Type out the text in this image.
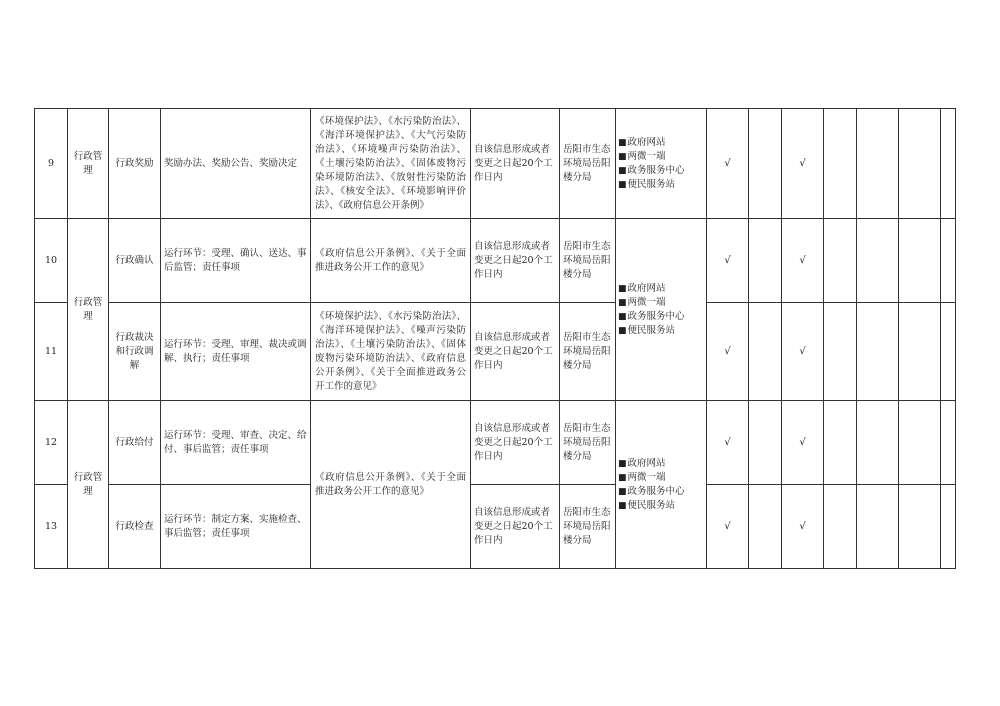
9	行政管理	行政奖励	奖励办法、奖励公告、奖励决定	《环境保护法》、《水污染防治法》、《海洋环境保护法》、《大气污染防治法》、《环境噪声污染防治法》、《土壤污染防治法》、《固体废物污染环境防治法》、《放射性污染防治法》、《核安全法》、《环境影响评价法》、《政府信息公开条例》	自该信息形成或者变更之日起20个工作日内	岳阳市生态环境局岳阳楼分局	■政府网站
■两微一端
■政务服务中心
■便民服务站	√		√				
10	行政管理	行政确认	运行环节：受理、确认、送达、事后监管；责任事项	《政府信息公开条例》、《关于全面推进政务公开工作的意见》	自该信息形成或者变更之日起20个工作日内	岳阳市生态环境局岳阳楼分局	■政府网站
■两微一端
■政务服务中心
■便民服务站	√		√				
11		行政裁决和行政调解	运行环节：受理、审理、裁决或调解、执行；责任事项	《环境保护法》、《水污染防治法》、《海洋环境保护法》、《噪声污染防治法》、《土壤污染防治法》、《固体废物污染环境防治法》、《政府信息公开条例》、《关于全面推进政务公开工作的意见》	自该信息形成或者变更之日起20个工作日内	岳阳市生态环境局岳阳楼分局		√		√				
12	行政管理	行政给付	运行环节：受理、审查、决定、给付、事后监管；责任事项	《政府信息公开条例》、《关于全面推进政务公开工作的意见》	自该信息形成或者变更之日起20个工作日内	岳阳市生态环境局岳阳楼分局	■政府网站
■两微一端
■政务服务中心
■便民服务站	√		√				
13		行政检查	运行环节：制定方案、实施检查、事后监管；责任事项		自该信息形成或者变更之日起20个工作日内	岳阳市生态环境局岳阳楼分局		√		√				
